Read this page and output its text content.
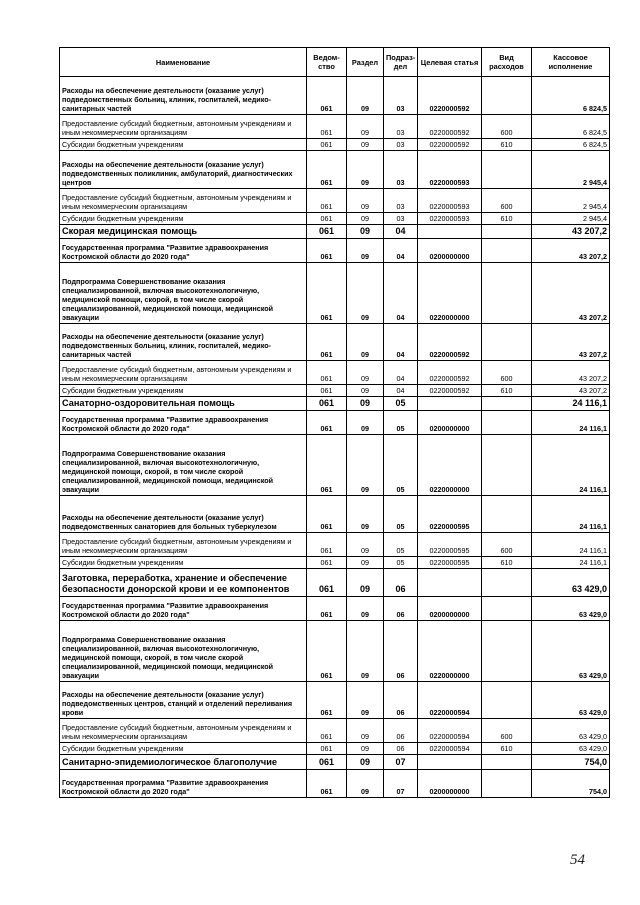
Наименование	Ведом-ство	Раздел	Подраз-дел	Целевая статья	Вид расходов	Кассовое исполнение
Расходы на обеспечение деятельности (оказание услуг) подведомственных больниц, клиник, госпиталей, медико-санитарных частей	061	09	03	0220000592		6 824,5
Предоставление субсидий бюджетным, автономным учреждениям и иным некоммерческим организациям	061	09	03	0220000592	600	6 824,5
Субсидии бюджетным учреждениям	061	09	03	0220000592	610	6 824,5
Расходы на обеспечение деятельности (оказание услуг) подведомственных поликлиник, амбулаторий, диагностических центров	061	09	03	0220000593		2 945,4
Предоставление субсидий бюджетным, автономным учреждениям и иным некоммерческим организациям	061	09	03	0220000593	600	2 945,4
Субсидии бюджетным учреждениям	061	09	03	0220000593	610	2 945,4
Скорая медицинская помощь	061	09	04			43 207,2
Государственная программа "Развитие здравоохранения Костромской области до 2020 года"	061	09	04	0200000000		43 207,2
Подпрограмма Совершенствование оказания специализированной, включая высокотехнологичную, медицинской помощи, скорой, в том числе скорой специализированной, медицинской помощи, медицинской эвакуации	061	09	04	0220000000		43 207,2
Расходы на обеспечение деятельности (оказание услуг) подведомственных больниц, клиник, госпиталей, медико-санитарных частей	061	09	04	0220000592		43 207,2
Предоставление субсидий бюджетным, автономным учреждениям и иным некоммерческим организациям	061	09	04	0220000592	600	43 207,2
Субсидии бюджетным учреждениям	061	09	04	0220000592	610	43 207,2
Санаторно-оздоровительная помощь	061	09	05			24 116,1
Государственная программа "Развитие здравоохранения Костромской области до 2020 года"	061	09	05	0200000000		24 116,1
Подпрограмма Совершенствование оказания специализированной, включая высокотехнологичную, медицинской помощи, скорой, в том числе скорой специализированной, медицинской помощи, медицинской эвакуации	061	09	05	0220000000		24 116,1
Расходы на обеспечение деятельности (оказание услуг) подведомственных санаториев для больных туберкулезом	061	09	05	0220000595		24 116,1
Предоставление субсидий бюджетным, автономным учреждениям и иным некоммерческим организациям	061	09	05	0220000595	600	24 116,1
Субсидии бюджетным учреждениям	061	09	05	0220000595	610	24 116,1
Заготовка, переработка, хранение и обеспечение безопасности донорской крови и ее компонентов	061	09	06			63 429,0
Государственная программа "Развитие здравоохранения Костромской области до 2020 года"	061	09	06	0200000000		63 429,0
Подпрограмма Совершенствование оказания специализированной, включая высокотехнологичную, медицинской помощи, скорой, в том числе скорой специализированной, медицинской помощи, медицинской эвакуации	061	09	06	0220000000		63 429,0
Расходы на обеспечение деятельности (оказание услуг) подведомственных центров, станций и отделений переливания крови	061	09	06	0220000594		63 429,0
Предоставление субсидий бюджетным, автономным учреждениям и иным некоммерческим организациям	061	09	06	0220000594	600	63 429,0
Субсидии бюджетным учреждениям	061	09	06	0220000594	610	63 429,0
Санитарно-эпидемиологическое благополучие	061	09	07			754,0
Государственная программа "Развитие здравоохранения Костромской области до 2020 года"	061	09	07	0200000000		754,0
54
